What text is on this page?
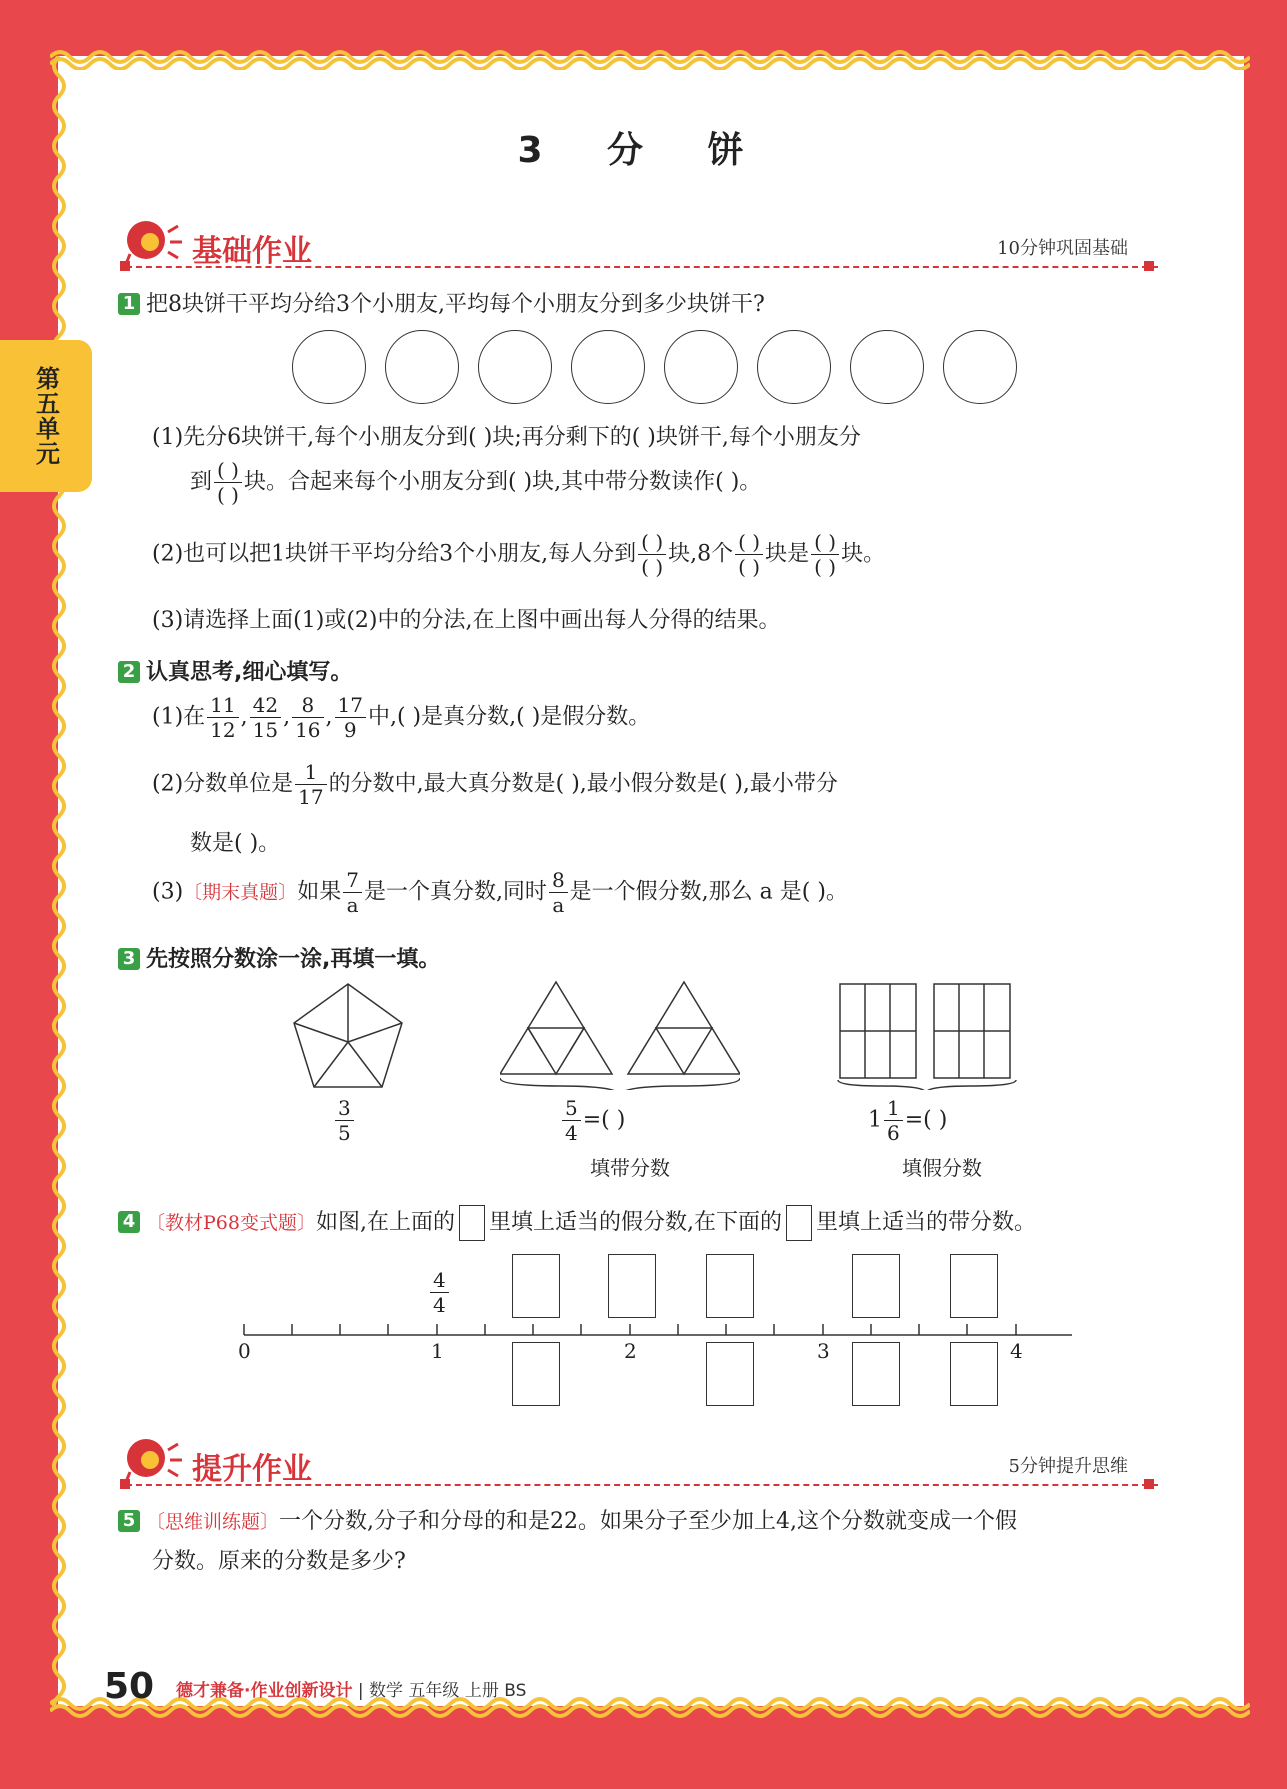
第五单元
3 分 饼
基础作业	10分钟巩固基础
1 把8块饼干平均分给3个小朋友,平均每个小朋友分到多少块饼干?
(1)先分6块饼干,每个小朋友分到( )块;再分剩下的( )块饼干,每个小朋友分
到 $\frac{( )}{( )}$ 块。合起来每个小朋友分到( )块,其中带分数读作( )。
(2)也可以把1块饼干平均分给3个小朋友,每人分到 $\frac{( )}{( )}$ 块,8个 $\frac{( )}{( )}$ 块是 $\frac{( )}{( )}$ 块。
(3)请选择上面(1)或(2)中的分法,在上图中画出每人分得的结果。
2 认真思考,细心填写。
(1)在 $\frac{11}{12}$ , $\frac{42}{15}$ , $\frac{8}{16}$ , $\frac{17}{9}$ 中,( )是真分数,( )是假分数。
(2)分数单位是 $\frac{1}{17}$ 的分数中,最大真分数是( ),最小假分数是( ),最小带分
数是( )。
(3)〔期末真题〕如果 $\frac{7}{a}$ 是一个真分数,同时 $\frac{8}{a}$ 是一个假分数,那么 a 是( )。
3 先按照分数涂一涂,再填一填。
$\frac{3}{5}$	$\frac{5}{4}$ =( )
填带分数
$1 \frac{1}{6}$ =( )
填假分数
4 〔教材P68变式题〕如图,在上面的 里填上适当的假分数,在下面的 里填上适当的带分数。
$\frac{4}{4}$
0	1	2	3	4
提升作业	5分钟提升思维
5 〔思维训练题〕一个分数,分子和分母的和是22。如果分子至少加上4,这个分数就变成一个假
分数。原来的分数是多少?
50 德才兼备·作业创新设计 | 数学 五年级 上册 BS
